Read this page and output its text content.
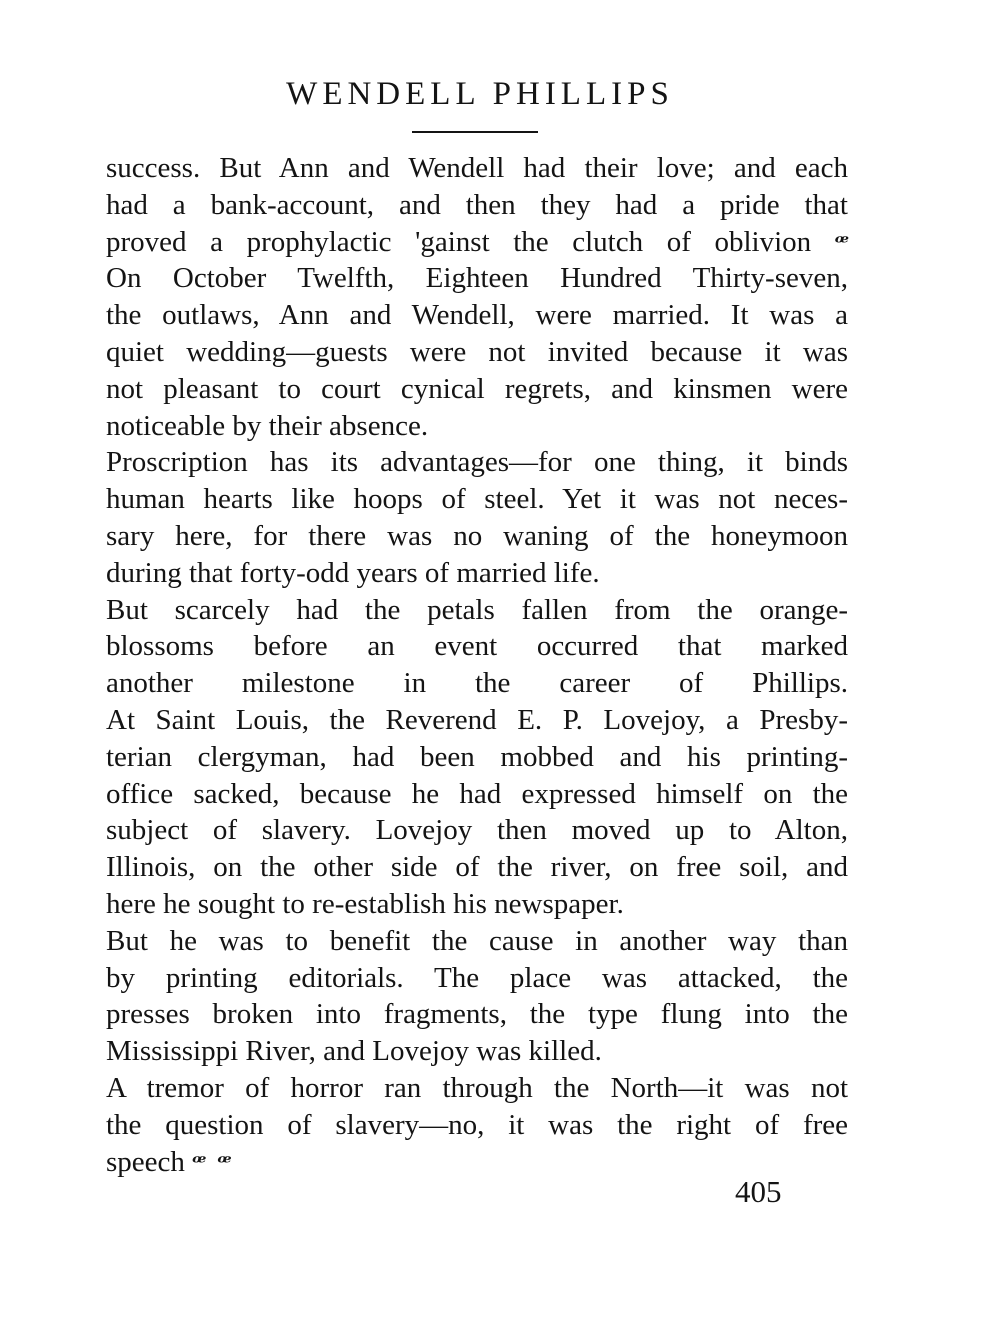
WENDELL PHILLIPS
success. But Ann and Wendell had their love; and each
had a bank-account, and then they had a pride that
proved a prophylactic 'gainst the clutch of oblivion ꟹ
On October Twelfth, Eighteen Hundred Thirty-seven,
the outlaws, Ann and Wendell, were married. It was a
quiet wedding—guests were not invited because it was
not pleasant to court cynical regrets, and kinsmen were
noticeable by their absence.
Proscription has its advantages—for one thing, it binds
human hearts like hoops of steel. Yet it was not neces-
sary here, for there was no waning of the honeymoon
during that forty-odd years of married life.
But scarcely had the petals fallen from the orange-
blossoms before an event occurred that marked
another milestone in the career of Phillips.
At Saint Louis, the Reverend E. P. Lovejoy, a Presby-
terian clergyman, had been mobbed and his printing-
office sacked, because he had expressed himself on the
subject of slavery. Lovejoy then moved up to Alton,
Illinois, on the other side of the river, on free soil, and
here he sought to re-establish his newspaper.
But he was to benefit the cause in another way than
by printing editorials. The place was attacked, the
presses broken into fragments, the type flung into the
Mississippi River, and Lovejoy was killed.
A tremor of horror ran through the North—it was not
the question of slavery—no, it was the right of free
speech ꟹ ꟹ
405
